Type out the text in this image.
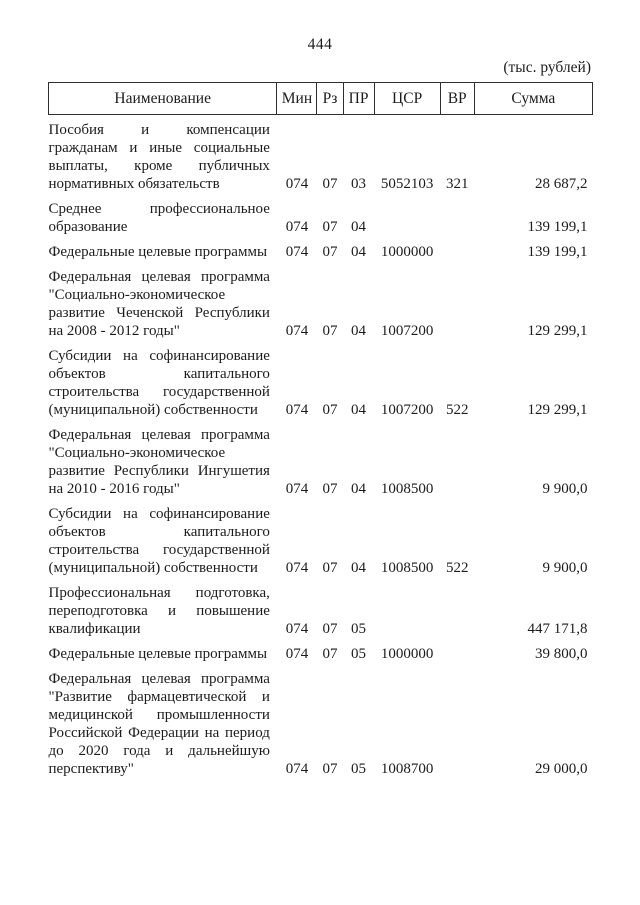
444
(тыс. рублей)
Наименование	Мин	Рз	ПР	ЦСР	ВР	Сумма
Пособия и компенсации гражданам и иные социальные выплаты, кроме публичных нормативных обязательств	074	07	03	5052103	321	28 687,2
Среднее профессиональное образование	074	07	04			139 199,1
Федеральные целевые программы	074	07	04	1000000		139 199,1
Федеральная целевая программа "Социально-экономическое развитие Чеченской Республики на 2008 - 2012 годы"	074	07	04	1007200		129 299,1
Субсидии на софинансирование объектов капитального строительства государственной (муниципальной) собственности	074	07	04	1007200	522	129 299,1
Федеральная целевая программа "Социально-экономическое развитие Республики Ингушетия на 2010 - 2016 годы"	074	07	04	1008500		9 900,0
Субсидии на софинансирование объектов капитального строительства государственной (муниципальной) собственности	074	07	04	1008500	522	9 900,0
Профессиональная подготовка, переподготовка и повышение квалификации	074	07	05			447 171,8
Федеральные целевые программы	074	07	05	1000000		39 800,0
Федеральная целевая программа "Развитие фармацевтической и медицинской промышленности Российской Федерации на период до 2020 года и дальнейшую перспективу"	074	07	05	1008700		29 000,0
